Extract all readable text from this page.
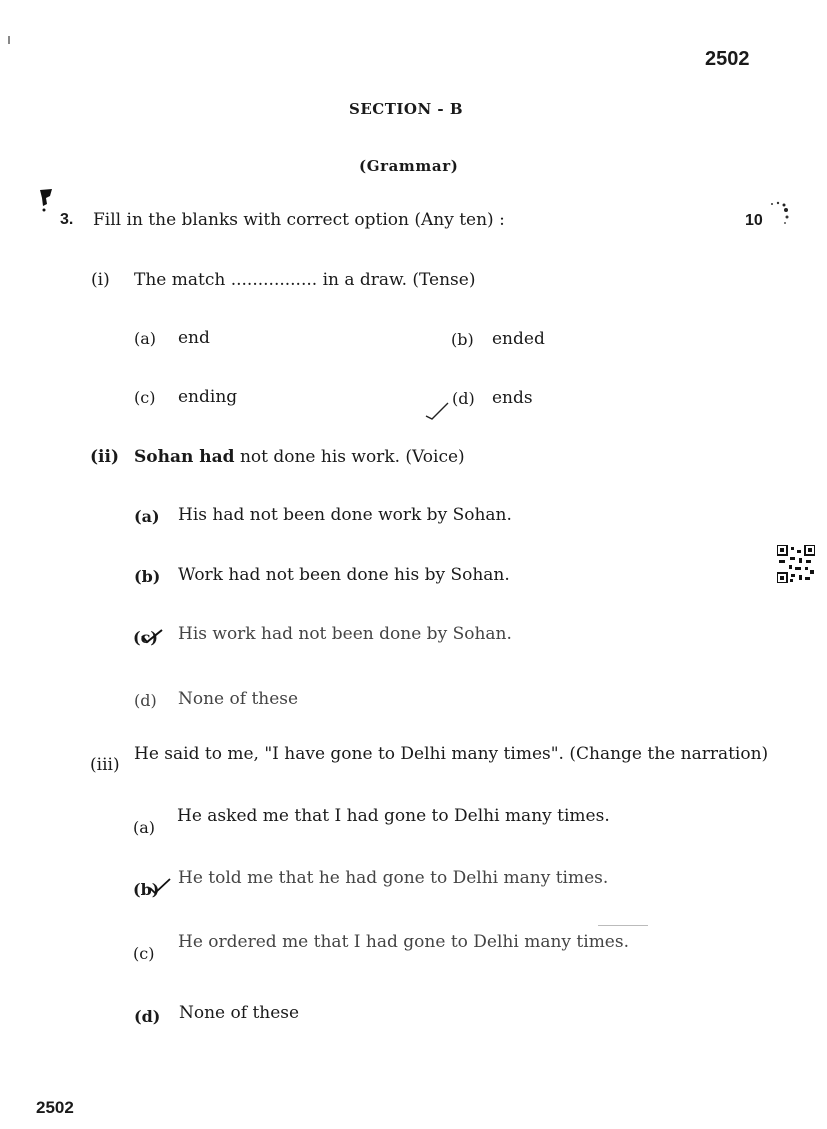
2502
SECTION - B
(Grammar)
3. Fill in the blanks with correct option (Any ten) :	10
(i) The match ................ in a draw. (Tense)
(a) end	(b) ended
(c) ending	(d) ends
(ii) Sohan had not done his work. (Voice)
(a) His had not been done work by Sohan.
(b) Work had not been done his by Sohan.
(c) His work had not been done by Sohan.
(d) None of these
(iii)
He said to me, "I have gone to Delhi many times". (Change the narration)
(a)
He asked me that I had gone to Delhi many times.
(b)
He told me that he had gone to Delhi many times.
(c)
He ordered me that I had gone to Delhi many times.
(d) None of these
2502
